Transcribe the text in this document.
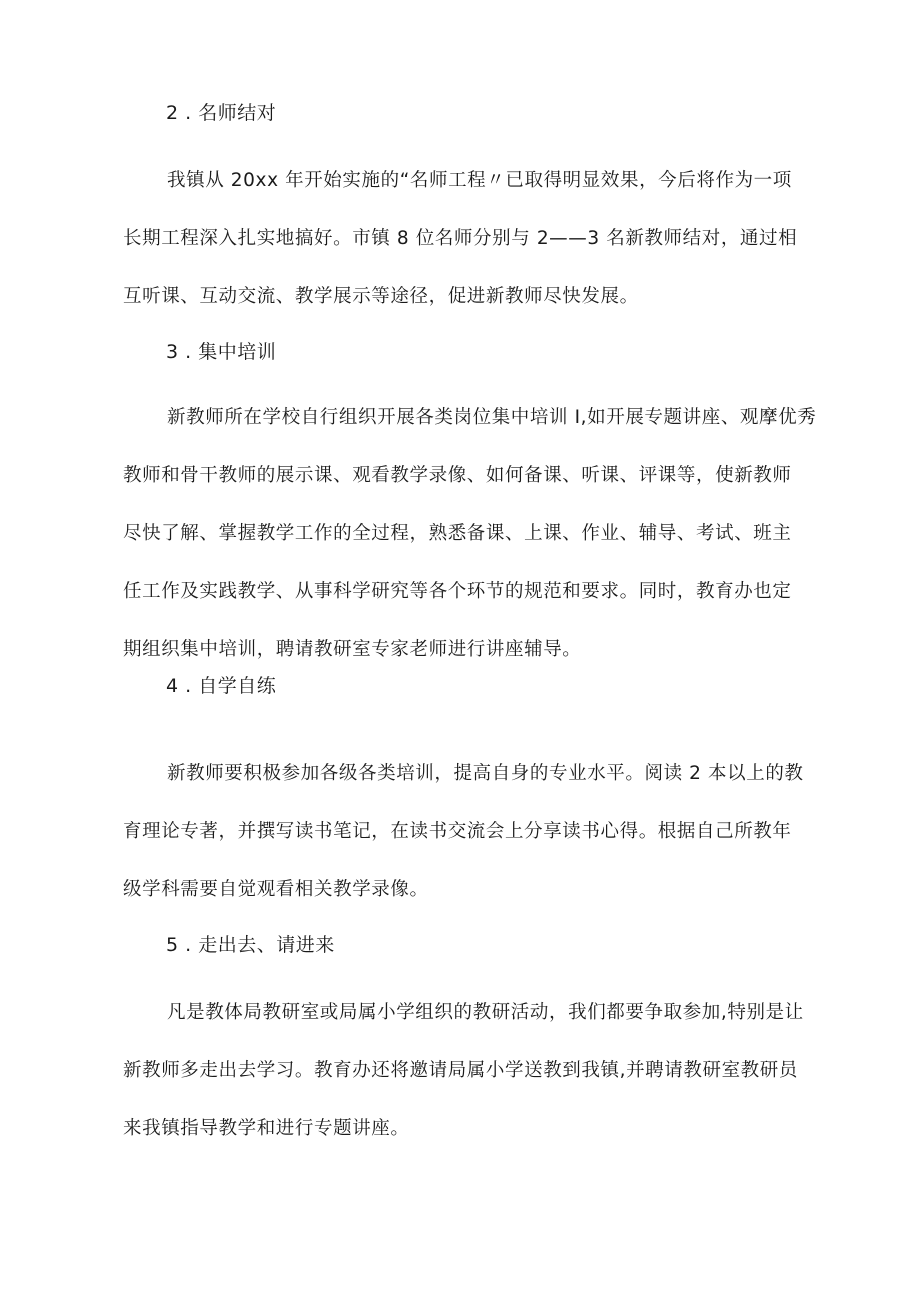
2 . 名师结对
我镇从 20xx 年开始实施的“名师工程〃已取得明显效果，今后将作为一项
长期工程深入扎实地搞好。市镇 8 位名师分别与 2——3 名新教师结对，通过相
互听课、互动交流、教学展示等途径，促进新教师尽快发展。
3 . 集中培训
新教师所在学校自行组织开展各类岗位集中培训 I,如开展专题讲座、观摩优秀
教师和骨干教师的展示课、观看教学录像、如何备课、听课、评课等，使新教师
尽快了解、掌握教学工作的全过程，熟悉备课、上课、作业、辅导、考试、班主
任工作及实践教学、从事科学研究等各个环节的规范和要求。同时，教育办也定
期组织集中培训，聘请教研室专家老师进行讲座辅导。
4 . 自学自练
新教师要积极参加各级各类培训，提高自身的专业水平。阅读 2 本以上的教
育理论专著，并撰写读书笔记，在读书交流会上分享读书心得。根据自己所教年
级学科需要自觉观看相关教学录像。
5 . 走出去、请进来
凡是教体局教研室或局属小学组织的教研活动，我们都要争取参加,特别是让
新教师多走出去学习。教育办还将邀请局属小学送教到我镇,并聘请教研室教研员
来我镇指导教学和进行专题讲座。
